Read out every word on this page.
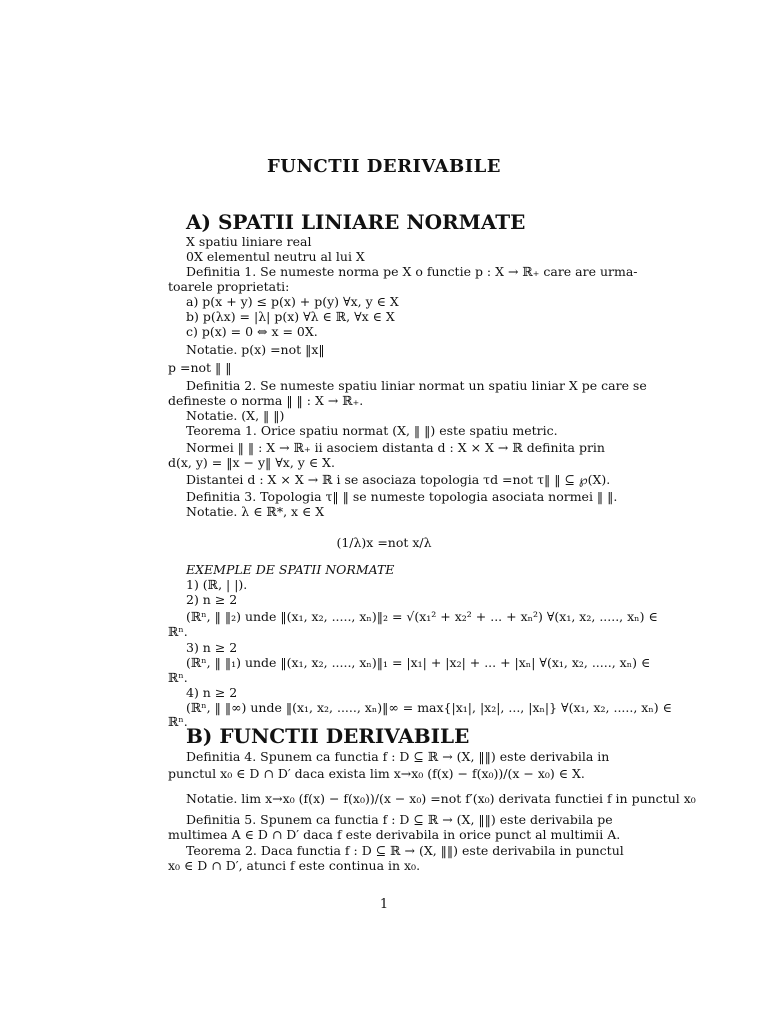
FUNCTII DERIVABILE
A) SPATII LINIARE NORMATE
X spatiu liniare real
0X elementul neutru al lui X
Definitia 1. Se numeste norma pe X o functie p : X → ℝ₊ care are urma-
toarele proprietati:
a) p(x + y) ≤ p(x) + p(y) ∀x, y ∈ X
b) p(λx) = |λ| p(x) ∀λ ∈ ℝ, ∀x ∈ X
c) p(x) = 0 ⇔ x = 0X.
Notatie. p(x) =not ‖x‖
p =not ‖ ‖
Definitia 2. Se numeste spatiu liniar normat un spatiu liniar X pe care se
defineste o norma ‖ ‖ : X → ℝ₊.
Notatie. (X, ‖ ‖)
Teorema 1. Orice spatiu normat (X, ‖ ‖) este spatiu metric.
Normei ‖ ‖ : X → ℝ₊ ii asociem distanta d : X × X → ℝ definita prin
d(x, y) = ‖x − y‖ ∀x, y ∈ X.
Distantei d : X × X → ℝ i se asociaza topologia τd =not τ‖ ‖ ⊆ ℘(X).
Definitia 3. Topologia τ‖ ‖ se numeste topologia asociata normei ‖ ‖.
Notatie. λ ∈ ℝ*, x ∈ X
(1/λ)x =not x/λ
EXEMPLE DE SPATII NORMATE
1) (ℝ, | |).
2) n ≥ 2
(ℝⁿ, ‖ ‖₂) unde ‖(x₁, x₂, ....., xₙ)‖₂ = √(x₁² + x₂² + ... + xₙ²) ∀(x₁, x₂, ....., xₙ) ∈
ℝⁿ.
3) n ≥ 2
(ℝⁿ, ‖ ‖₁) unde ‖(x₁, x₂, ....., xₙ)‖₁ = |x₁| + |x₂| + ... + |xₙ| ∀(x₁, x₂, ....., xₙ) ∈
ℝⁿ.
4) n ≥ 2
(ℝⁿ, ‖ ‖∞) unde ‖(x₁, x₂, ....., xₙ)‖∞ = max{|x₁|, |x₂|, ..., |xₙ|} ∀(x₁, x₂, ....., xₙ) ∈
ℝⁿ.
B) FUNCTII DERIVABILE
Definitia 4. Spunem ca functia f : D ⊆ ℝ → (X, ‖‖) este derivabila in
punctul x₀ ∈ D ∩ D′ daca exista lim x→x₀ (f(x) − f(x₀))/(x − x₀) ∈ X.
Notatie. lim x→x₀ (f(x) − f(x₀))/(x − x₀) =not f′(x₀) derivata functiei f in punctul x₀
Definitia 5. Spunem ca functia f : D ⊆ ℝ → (X, ‖‖) este derivabila pe
multimea A ∈ D ∩ D′ daca f este derivabila in orice punct al multimii A.
Teorema 2. Daca functia f : D ⊆ ℝ → (X, ‖‖) este derivabila in punctul
x₀ ∈ D ∩ D′, atunci f este continua in x₀.
1
